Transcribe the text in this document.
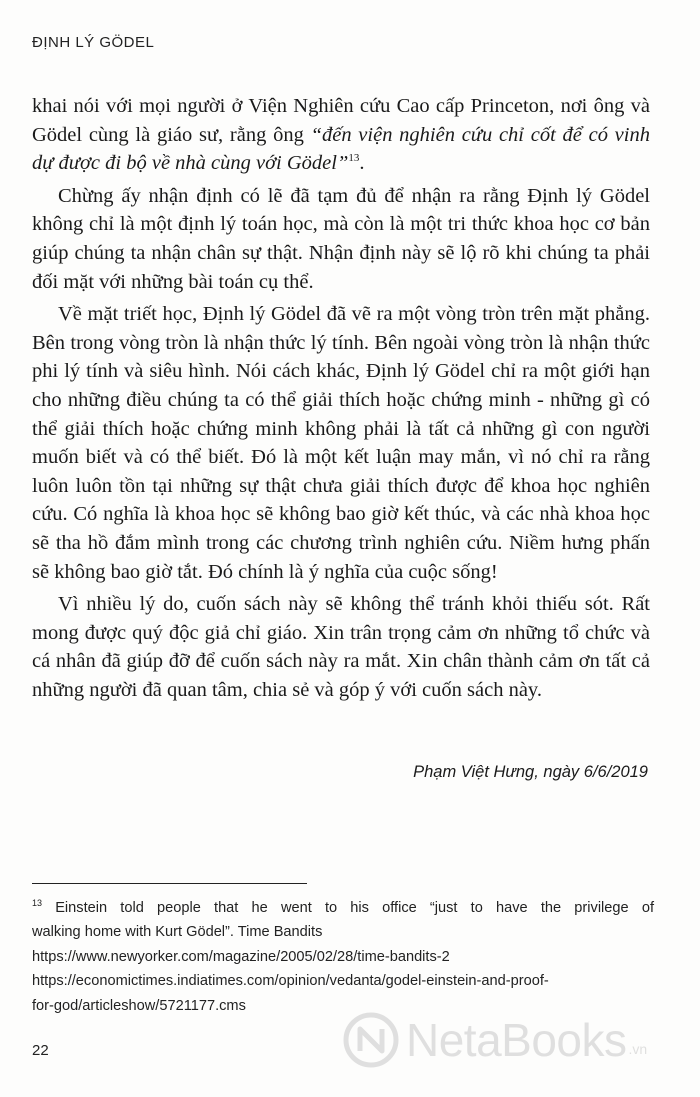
ĐỊNH LÝ GÖDEL

khai nói với mọi người ở Viện Nghiên cứu Cao cấp Princeton, nơi ông và Gödel cùng là giáo sư, rằng ông “đến viện nghiên cứu chỉ cốt để có vinh dự được đi bộ về nhà cùng với Gödel”$^{13}$.

Chừng ấy nhận định có lẽ đã tạm đủ để nhận ra rằng Định lý Gödel không chỉ là một định lý toán học, mà còn là một tri thức khoa học cơ bản giúp chúng ta nhận chân sự thật. Nhận định này sẽ lộ rõ khi chúng ta phải đối mặt với những bài toán cụ thể.

Về mặt triết học, Định lý Gödel đã vẽ ra một vòng tròn trên mặt phẳng. Bên trong vòng tròn là nhận thức lý tính. Bên ngoài vòng tròn là nhận thức phi lý tính và siêu hình. Nói cách khác, Định lý Gödel chỉ ra một giới hạn cho những điều chúng ta có thể giải thích hoặc chứng minh - những gì có thể giải thích hoặc chứng minh không phải là tất cả những gì con người muốn biết và có thể biết. Đó là một kết luận may mắn, vì nó chỉ ra rằng luôn luôn tồn tại những sự thật chưa giải thích được để khoa học nghiên cứu. Có nghĩa là khoa học sẽ không bao giờ kết thúc, và các nhà khoa học sẽ tha hồ đắm mình trong các chương trình nghiên cứu. Niềm hưng phấn sẽ không bao giờ tắt. Đó chính là ý nghĩa của cuộc sống!

Vì nhiều lý do, cuốn sách này sẽ không thể tránh khỏi thiếu sót. Rất mong được quý độc giả chỉ giáo. Xin trân trọng cảm ơn những tổ chức và cá nhân đã giúp đỡ để cuốn sách này ra mắt. Xin chân thành cảm ơn tất cả những người đã quan tâm, chia sẻ và góp ý với cuốn sách này.

Phạm Việt Hưng, ngày 6/6/2019
$^{13}$ Einstein told people that he went to his office “just to have the privilege of
walking home with Kurt Gödel”. Time Bandits
https://www.newyorker.com/magazine/2005/02/28/time-bandits-2
https://economictimes.indiatimes.com/opinion/vedanta/godel-einstein-and-proof-
for-god/articleshow/5721177.cms
22	NetaBooks .vn
